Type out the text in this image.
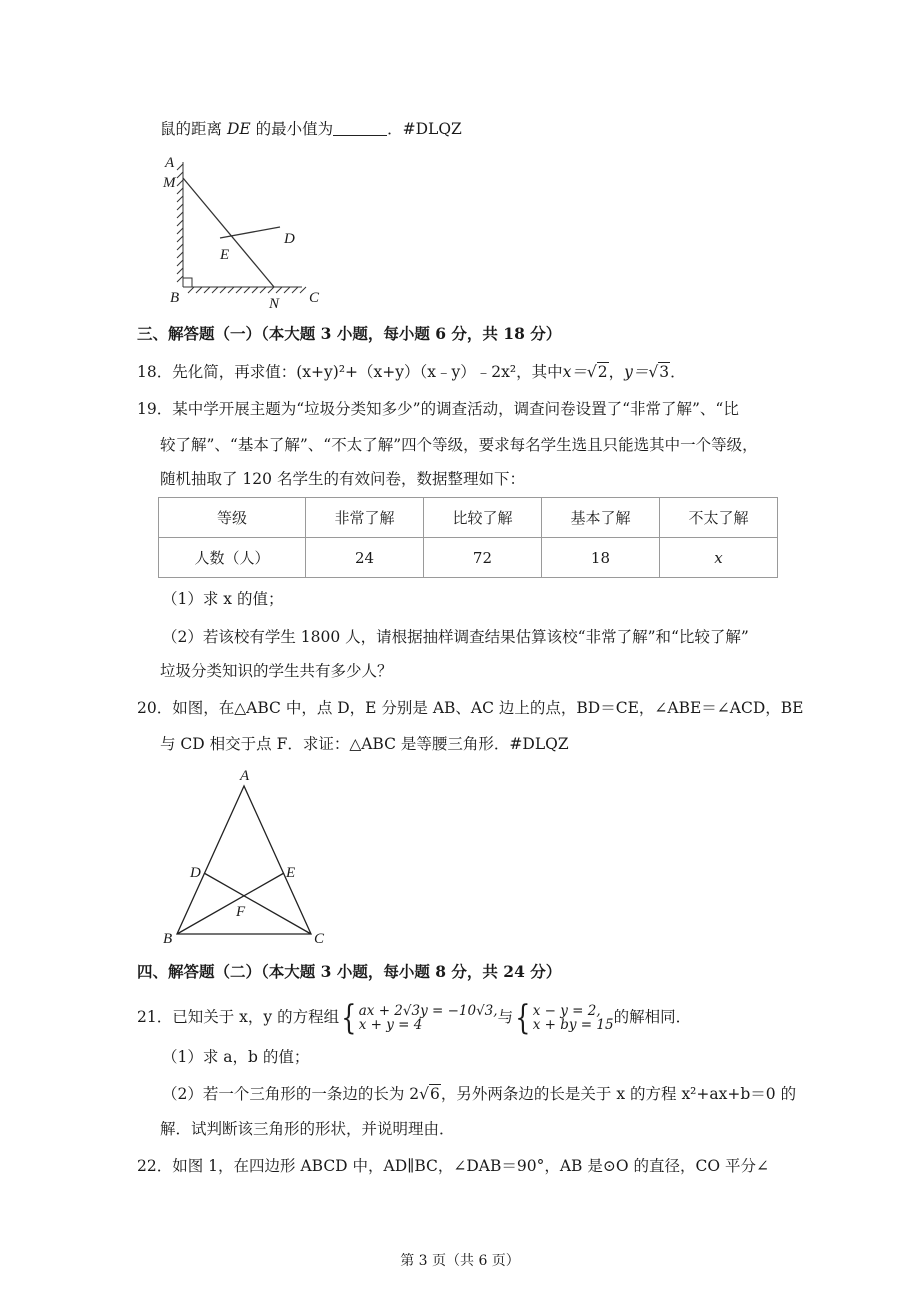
鼠的距离 DE 的最小值为	．#DLQZ
A
M
E
D
B	N C
三、解答题（一）（本大题 3 小题，每小题 6 分，共 18 分）
18．先化简，再求值：(x+y)²+（x+y）（x﹣y）﹣2x²，其中x＝√2，y＝√3．
19．某中学开展主题为“垃圾分类知多少”的调查活动，调查问卷设置了“非常了解”、“比
较了解”、“基本了解”、“不太了解”四个等级，要求每名学生选且只能选其中一个等级，
随机抽取了 120 名学生的有效问卷，数据整理如下：
等级	非常了解	比较了解	基本了解	不太了解
人数（人）	24	72	18	x
（1）求 x 的值；
（2）若该校有学生 1800 人，请根据抽样调查结果估算该校“非常了解”和“比较了解”
垃圾分类知识的学生共有多少人？
20．如图，在△ABC 中，点 D，E 分别是 AB、AC 边上的点，BD＝CE，∠ABE＝∠ACD，BE
与 CD 相交于点 F．求证：△ABC 是等腰三角形．#DLQZ
A
D	E
F
B	C
四、解答题（二）（本大题 3 小题，每小题 8 分，共 24 分）
21．已知关于 x，y 的方程组{ ax + 2√3y = −10√3,
x + y = 4	与{ x − y = 2,
x + by = 15 的解相同．
（1）求 a，b 的值；
（2）若一个三角形的一条边的长为 2√6，另外两条边的长是关于 x 的方程 x²+ax+b＝0 的
解．试判断该三角形的形状，并说明理由．
22．如图 1，在四边形 ABCD 中，AD∥BC，∠DAB＝90°，AB 是⊙O 的直径，CO 平分∠
第 3 页（共 6 页）
